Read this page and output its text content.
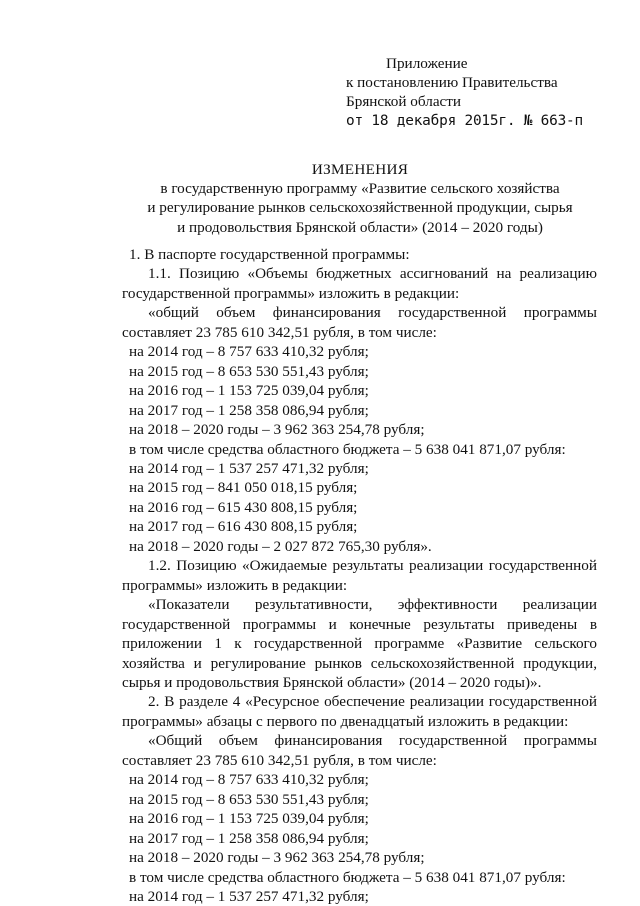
Приложение
к постановлению Правительства
Брянской области
от 18 декабря 2015г. № 663-п
ИЗМЕНЕНИЯ
в государственную программу «Развитие сельского хозяйства
и регулирование рынков сельскохозяйственной продукции, сырья
и продовольствия Брянской области» (2014 – 2020 годы)

1. В паспорте государственной программы:

1.1. Позицию «Объемы бюджетных ассигнований на реализацию государственной программы» изложить в редакции:

«общий объем финансирования государственной программы составляет 23 785 610 342,51 рубля, в том числе:

на 2014 год – 8 757 633 410,32 рубля;

на 2015 год – 8 653 530 551,43 рубля;

на 2016 год – 1 153 725 039,04 рубля;

на 2017 год – 1 258 358 086,94 рубля;

на 2018 – 2020 годы – 3 962 363 254,78 рубля;

в том числе средства областного бюджета – 5 638 041 871,07 рубля:

на 2014 год – 1 537 257 471,32 рубля;

на 2015 год – 841 050 018,15 рубля;

на 2016 год – 615 430 808,15 рубля;

на 2017 год – 616 430 808,15 рубля;

на 2018 – 2020 годы – 2 027 872 765,30 рубля».

1.2. Позицию «Ожидаемые результаты реализации государственной программы» изложить в редакции:

«Показатели результативности, эффективности реализации государственной программы и конечные результаты приведены в приложении 1 к государственной программе «Развитие сельского хозяйства и регулирование рынков сельскохозяйственной продукции, сырья и продовольствия Брянской области» (2014 – 2020 годы)».

2. В разделе 4 «Ресурсное обеспечение реализации государственной программы» абзацы с первого по двенадцатый изложить в редакции:

«Общий объем финансирования государственной программы составляет 23 785 610 342,51 рубля, в том числе:

на 2014 год – 8 757 633 410,32 рубля;

на 2015 год – 8 653 530 551,43 рубля;

на 2016 год – 1 153 725 039,04 рубля;

на 2017 год – 1 258 358 086,94 рубля;

на 2018 – 2020 годы – 3 962 363 254,78 рубля;

в том числе средства областного бюджета – 5 638 041 871,07 рубля:

на 2014 год – 1 537 257 471,32 рубля;
